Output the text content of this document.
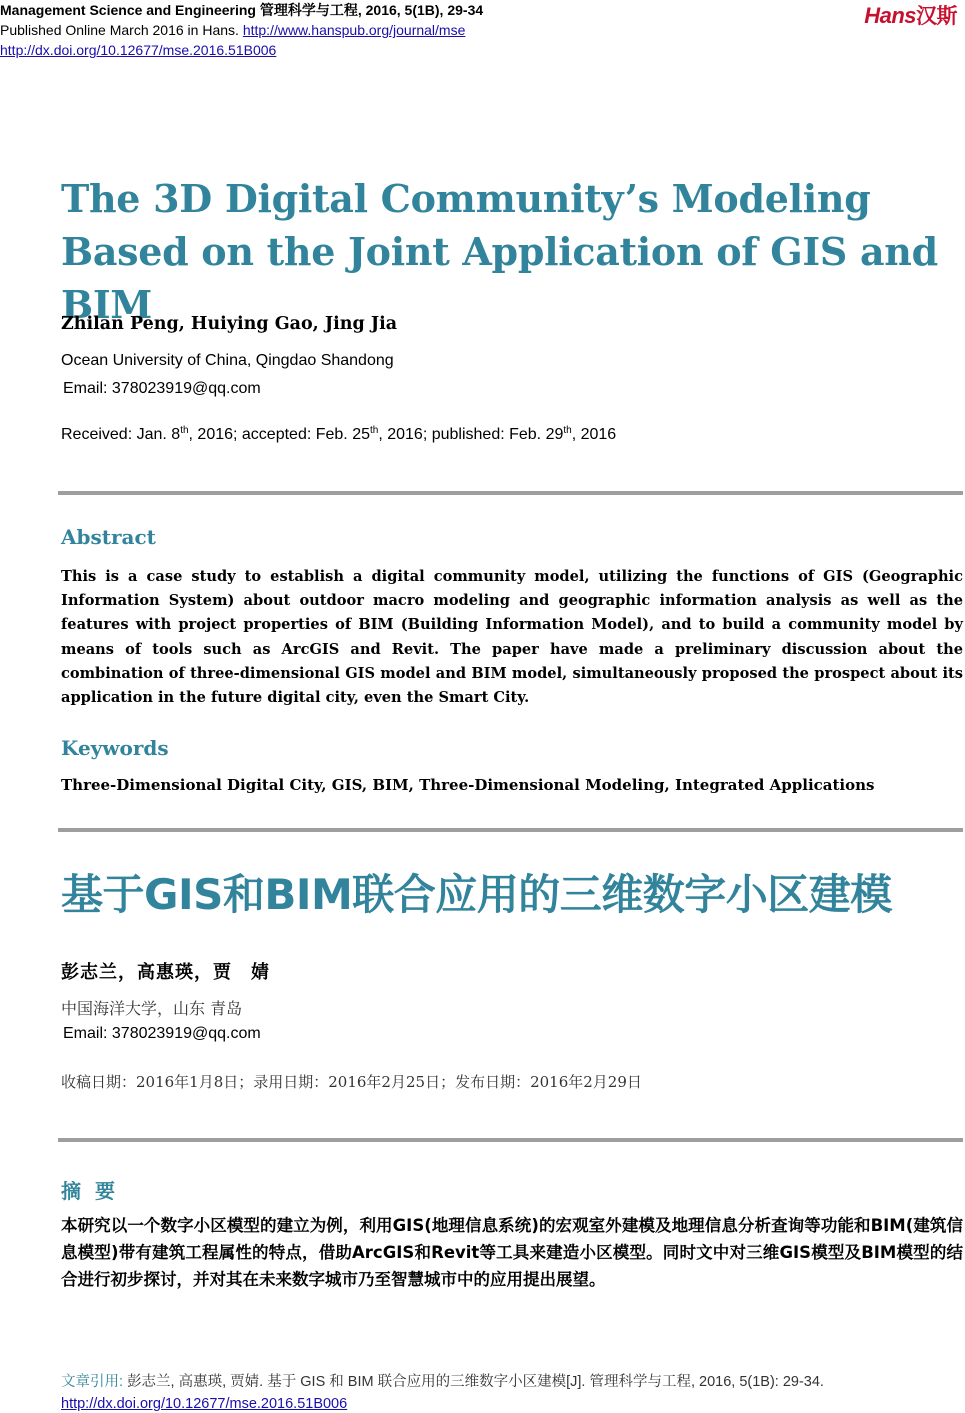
Management Science and Engineering 管理科学与工程, 2016, 5(1B), 29-34
Published Online March 2016 in Hans. http://www.hanspub.org/journal/mse
http://dx.doi.org/10.12677/mse.2016.51B006
Hans汉斯
The 3D Digital Community’s Modeling Based on the Joint Application of GIS and BIM
Zhilan Peng, Huiying Gao, Jing Jia
Ocean University of China, Qingdao Shandong
Email: 378023919@qq.com
Received: Jan. 8th, 2016; accepted: Feb. 25th, 2016; published: Feb. 29th, 2016
Abstract
This is a case study to establish a digital community model, utilizing the functions of GIS (Geographic Information System) about outdoor macro modeling and geographic information analysis as well as the features with project properties of BIM (Building Information Model), and to build a community model by means of tools such as ArcGIS and Revit. The paper have made a preliminary discussion about the combination of three-dimensional GIS model and BIM model, simultaneously proposed the prospect about its application in the future digital city, even the Smart City.
Keywords
Three-Dimensional Digital City, GIS, BIM, Three-Dimensional Modeling, Integrated Applications
基于GIS和BIM联合应用的三维数字小区建模
彭志兰，高惠瑛，贾　婧
中国海洋大学，山东 青岛
Email: 378023919@qq.com
收稿日期：2016年1月8日；录用日期：2016年2月25日；发布日期：2016年2月29日
摘要
本研究以一个数字小区模型的建立为例，利用GIS(地理信息系统)的宏观室外建模及地理信息分析查询等功能和BIM(建筑信息模型)带有建筑工程属性的特点，借助ArcGIS和Revit等工具来建造小区模型。同时文中对三维GIS模型及BIM模型的结合进行初步探讨，并对其在未来数字城市乃至智慧城市中的应用提出展望。
文章引用: 彭志兰, 高惠瑛, 贾婧. 基于 GIS 和 BIM 联合应用的三维数字小区建模[J]. 管理科学与工程, 2016, 5(1B): 29-34. http://dx.doi.org/10.12677/mse.2016.51B006
